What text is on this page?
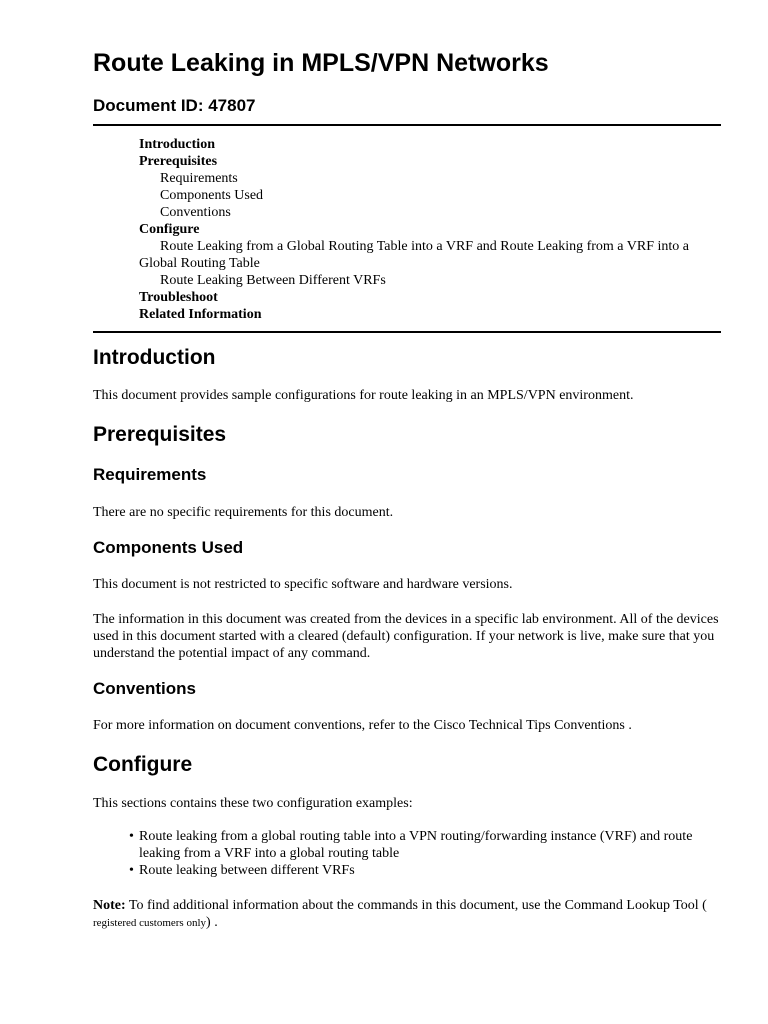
Route Leaking in MPLS/VPN Networks
Document ID: 47807
Introduction
Prerequisites
Requirements
Components Used
Conventions
Configure
Route Leaking from a Global Routing Table into a VRF and Route Leaking from a VRF into a Global Routing Table
Route Leaking Between Different VRFs
Troubleshoot
Related Information
Introduction

This document provides sample configurations for route leaking in an MPLS/VPN environment.

Prerequisites
Requirements

There are no specific requirements for this document.

Components Used

This document is not restricted to specific software and hardware versions.

The information in this document was created from the devices in a specific lab environment. All of the devices used in this document started with a cleared (default) configuration. If your network is live, make sure that you understand the potential impact of any command.

Conventions

For more information on document conventions, refer to the Cisco Technical Tips Conventions .

Configure

This sections contains these two configuration examples:

• Route leaking from a global routing table into a VPN routing/forwarding instance (VRF) and route leaking from a VRF into a global routing table
• Route leaking between different VRFs

Note: To find additional information about the commands in this document, use the Command Lookup Tool (
registered customers only) .
